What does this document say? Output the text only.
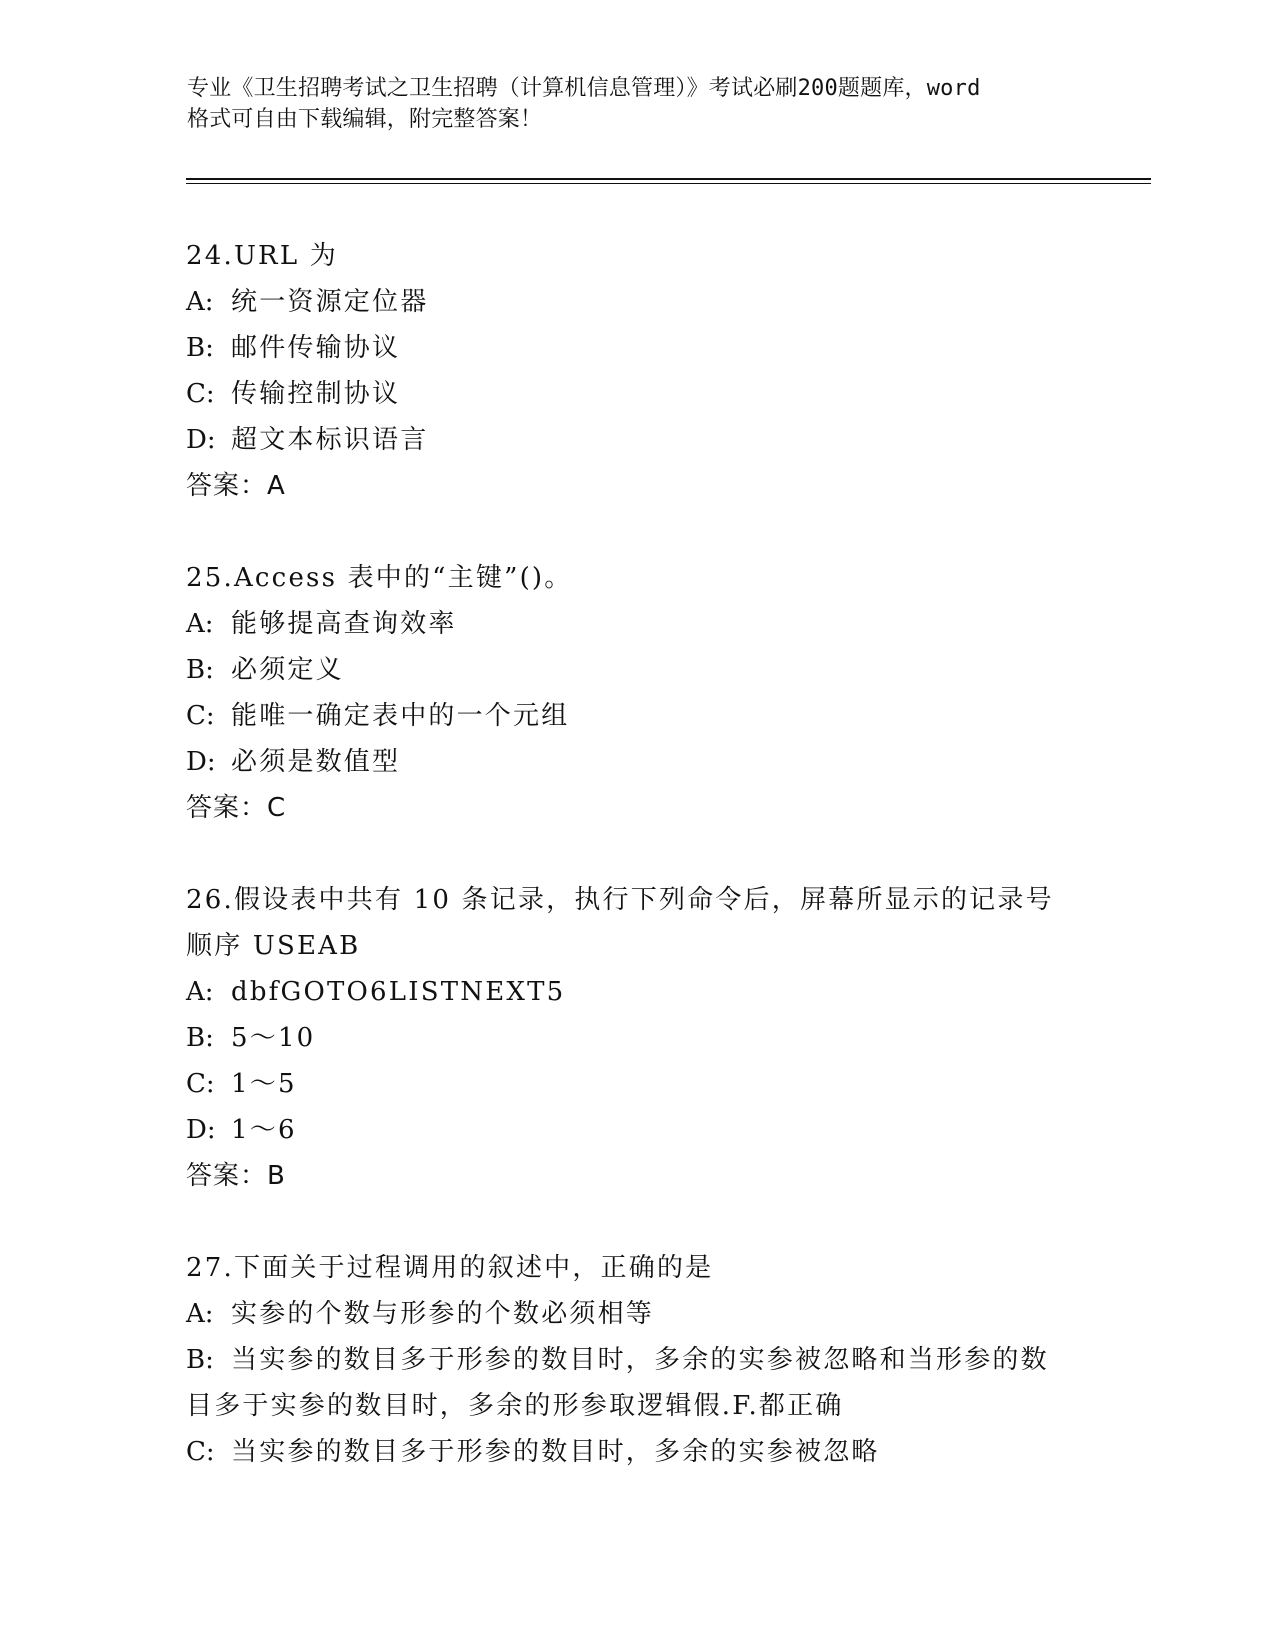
专业《卫生招聘考试之卫生招聘（计算机信息管理）》考试必刷200题题库，word
格式可自由下载编辑，附完整答案！

24.URL 为

A: 统一资源定位器

B: 邮件传输协议

C: 传输控制协议

D: 超文本标识语言

答案：A

25.Access 表中的“主键”()。

A: 能够提高查询效率

B: 必须定义

C: 能唯一确定表中的一个元组

D: 必须是数值型

答案：C

26.假设表中共有 10 条记录，执行下列命令后，屏幕所显示的记录号

顺序 USEAB

A: dbfGOTO6LISTNEXT5

B: 5～10

C: 1～5

D: 1～6

答案：B

27.下面关于过程调用的叙述中，正确的是

A: 实参的个数与形参的个数必须相等

B: 当实参的数目多于形参的数目时，多余的实参被忽略和当形参的数

目多于实参的数目时，多余的形参取逻辑假.F.都正确

C: 当实参的数目多于形参的数目时，多余的实参被忽略
